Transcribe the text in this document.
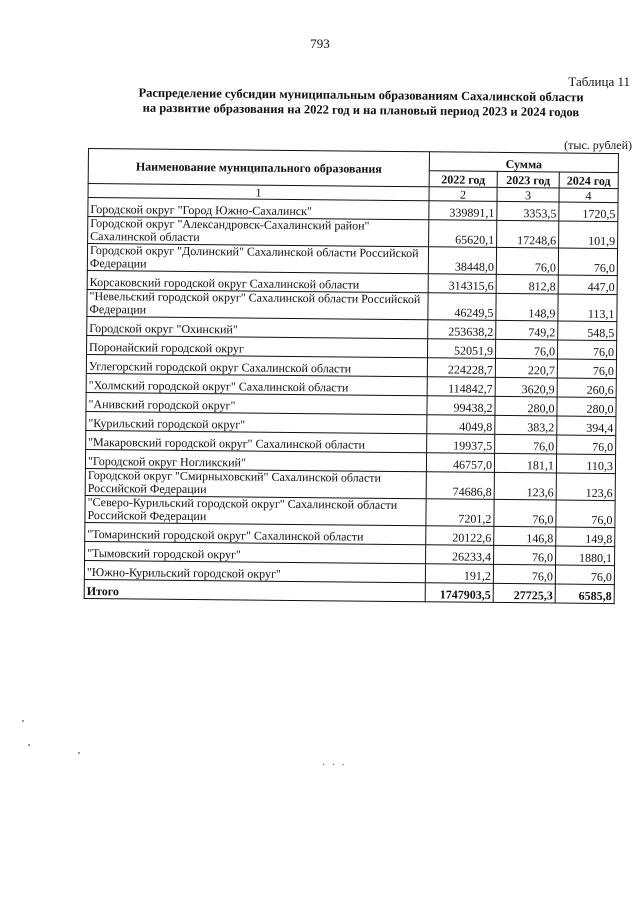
793
Таблица 11
Распределение субсидии муниципальным образованиям Сахалинской области
на развитие образования на 2022 год и на плановый период 2023 и 2024 годов
(тыс. рублей)
Наименование муниципального образования	Сумма		
	2022 год	2023 год	2024 год
1	2	3	4
Городской округ "Город Южно-Сахалинск"	339891,1	3353,5	1720,5
Городской округ "Александровск-Сахалинский район" Сахалинской области	65620,1	17248,6	101,9
Городской округ "Долинский" Сахалинской области Российской Федерации	38448,0	76,0	76,0
Корсаковский городской округ Сахалинской области	314315,6	812,8	447,0
"Невельский городской округ" Сахалинской области Российской Федерации	46249,5	148,9	113,1
Городской округ "Охинский"	253638,2	749,2	548,5
Поронайский городской округ	52051,9	76,0	76,0
Углегорский городской округ Сахалинской области	224228,7	220,7	76,0
"Холмский городской округ" Сахалинской области	114842,7	3620,9	260,6
"Анивский городской округ"	99438,2	280,0	280,0
"Курильский городской округ"	4049,8	383,2	394,4
"Макаровский городской округ" Сахалинской области	19937,5	76,0	76,0
"Городской округ Ногликский"	46757,0	181,1	110,3
Городской округ "Смирныховский" Сахалинской области Российской Федерации	74686,8	123,6	123,6
"Северо-Курильский городской округ" Сахалинской области Российской Федерации	7201,2	76,0	76,0
"Томаринский городской округ" Сахалинской области	20122,6	146,8	149,8
"Тымовский городской округ"	26233,4	76,0	1880,1
"Южно-Курильский городской округ"	191,2	76,0	76,0
Итого	1747903,5	27725,3	6585,8
· · ·
